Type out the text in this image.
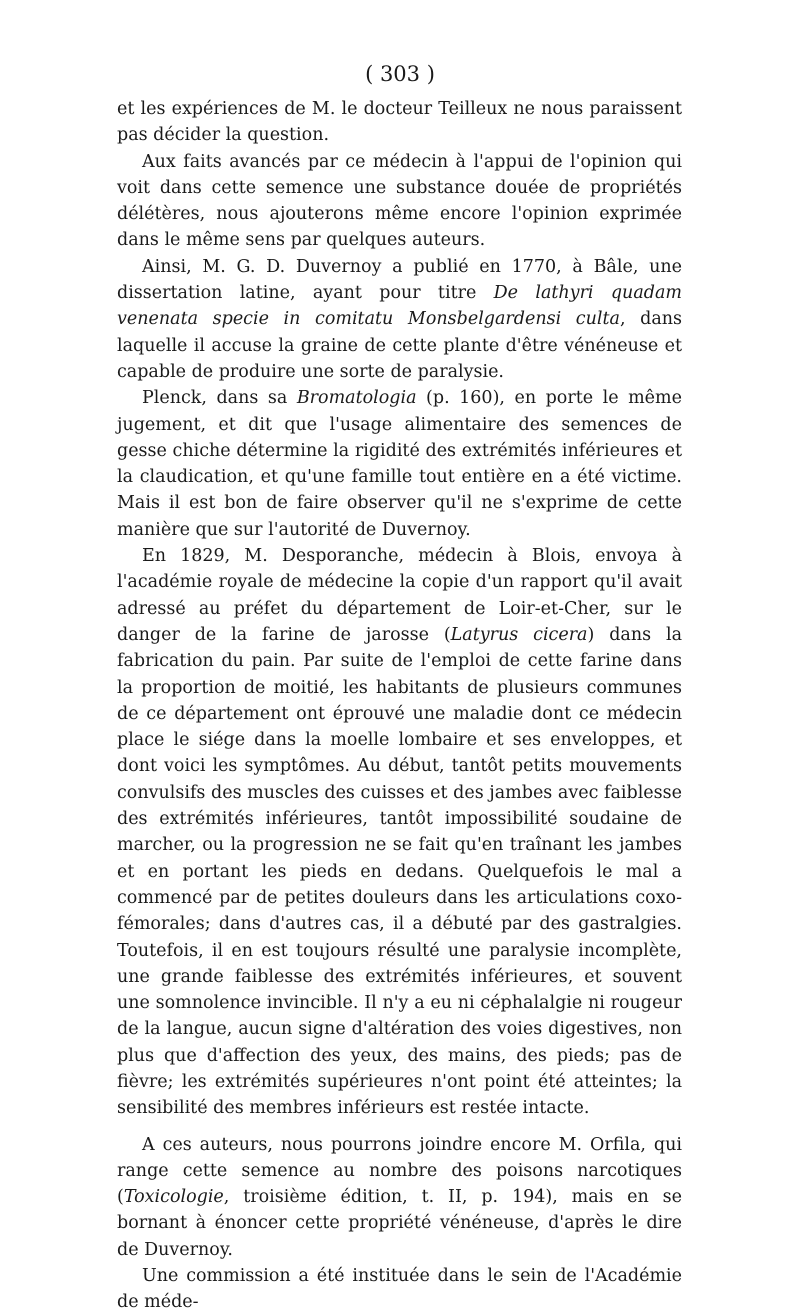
( 303 )

et les expériences de M. le docteur Teilleux ne nous paraissent pas décider la question.

Aux faits avancés par ce médecin à l'appui de l'opinion qui voit dans cette semence une substance douée de propriétés délétères, nous ajouterons même encore l'opinion exprimée dans le même sens par quelques auteurs.

Ainsi, M. G. D. Duvernoy a publié en 1770, à Bâle, une dissertation latine, ayant pour titre De lathyri quadam venenata specie in comitatu Monsbelgardensi culta, dans laquelle il accuse la graine de cette plante d'être vénéneuse et capable de produire une sorte de paralysie.

Plenck, dans sa Bromatologia (p. 160), en porte le même jugement, et dit que l'usage alimentaire des semences de gesse chiche détermine la rigidité des extrémités inférieures et la claudication, et qu'une famille tout entière en a été victime. Mais il est bon de faire observer qu'il ne s'exprime de cette manière que sur l'autorité de Duvernoy.

En 1829, M. Desporanche, médecin à Blois, envoya à l'académie royale de médecine la copie d'un rapport qu'il avait adressé au préfet du département de Loir-et-Cher, sur le danger de la farine de jarosse (Latyrus cicera) dans la fabrication du pain. Par suite de l'emploi de cette farine dans la proportion de moitié, les habitants de plusieurs communes de ce département ont éprouvé une maladie dont ce médecin place le siége dans la moelle lombaire et ses enveloppes, et dont voici les symptômes. Au début, tantôt petits mouvements convulsifs des muscles des cuisses et des jambes avec faiblesse des extrémités inférieures, tantôt impossibilité soudaine de marcher, ou la progression ne se fait qu'en traînant les jambes et en portant les pieds en dedans. Quelquefois le mal a commencé par de petites douleurs dans les articulations coxo-fémorales; dans d'autres cas, il a débuté par des gastralgies. Toutefois, il en est toujours résulté une paralysie incomplète, une grande faiblesse des extrémités inférieures, et souvent une somnolence invincible. Il n'y a eu ni céphalalgie ni rougeur de la langue, aucun signe d'altération des voies digestives, non plus que d'affection des yeux, des mains, des pieds; pas de fièvre; les extrémités supérieures n'ont point été atteintes; la sensibilité des membres inférieurs est restée intacte.

A ces auteurs, nous pourrons joindre encore M. Orfila, qui range cette semence au nombre des poisons narcotiques (Toxicologie, troisième édition, t. II, p. 194), mais en se bornant à énoncer cette propriété vénéneuse, d'après le dire de Duvernoy.

Une commission a été instituée dans le sein de l'Académie de méde-
